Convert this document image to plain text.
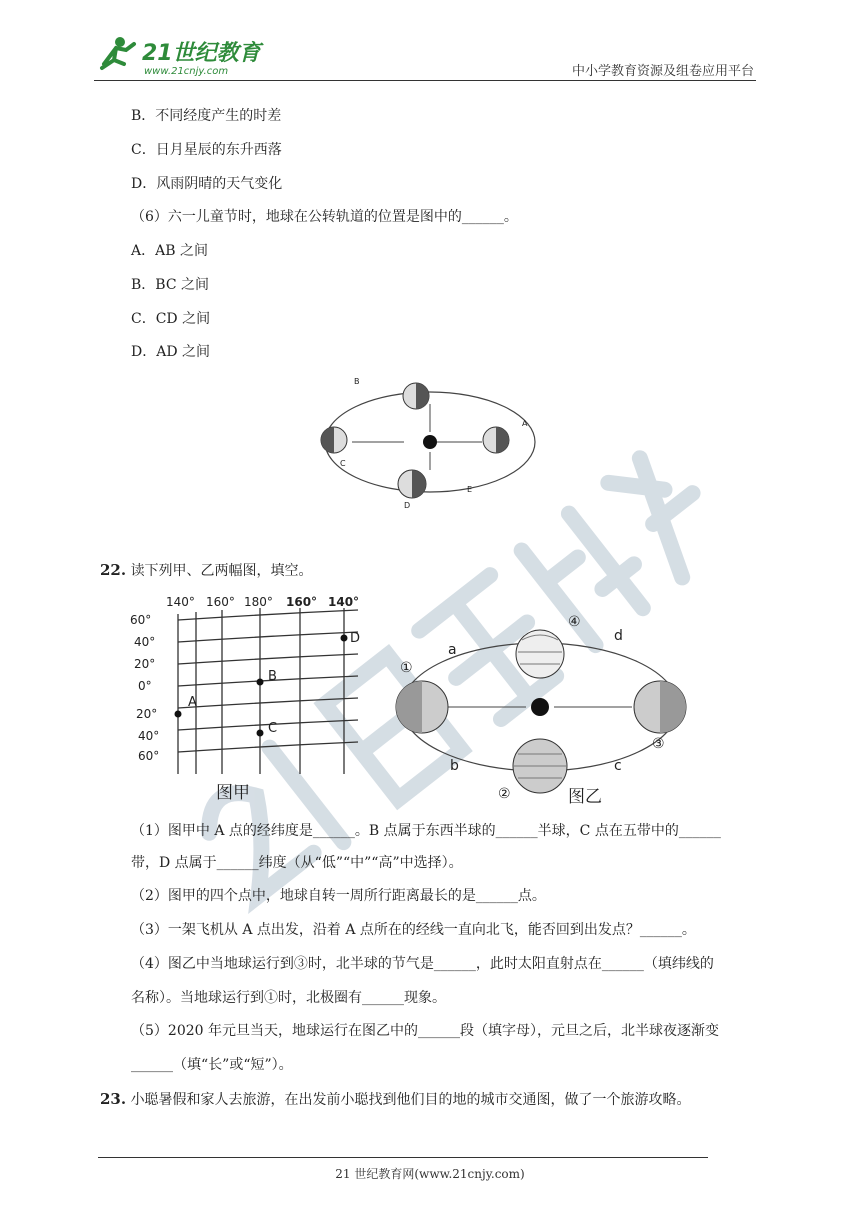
21世纪教育
www.21cnjy.com	中小学教育资源及组卷应用平台
B．不同经度产生的时差
C．日月星辰的东升西落
D．风雨阴晴的天气变化
（6）六一儿童节时，地球在公转轨道的位置是图中的______。
A．AB 之间
B．BC 之间
C．CD 之间
D．AD 之间
B
A
C
D
E
22. 读下列甲、乙两幅图，填空。
140° 160° 180° 160° 140°
60°
40°
20°
0°
20°
40°
60°
A
B
C
D
图甲
④
①
③
②
a
d
b	c
图乙
（1）图甲中 A 点的经纬度是______。B 点属于东西半球的______半球，C 点在五带中的______
带，D 点属于______纬度（从“低”“中”“高”中选择）。
（2）图甲的四个点中，地球自转一周所行距离最长的是______点。
（3）一架飞机从 A 点出发，沿着 A 点所在的经线一直向北飞，能否回到出发点？______。
（4）图乙中当地球运行到③时，北半球的节气是______，此时太阳直射点在______（填纬线的
名称）。当地球运行到①时，北极圈有______现象。
（5）2020 年元旦当天，地球运行在图乙中的______段（填字母），元旦之后，北半球夜逐渐变
______（填“长”或“短”）。
23. 小聪暑假和家人去旅游，在出发前小聪找到他们目的地的城市交通图，做了一个旅游攻略。
21 世纪教育网(www.21cnjy.com)
